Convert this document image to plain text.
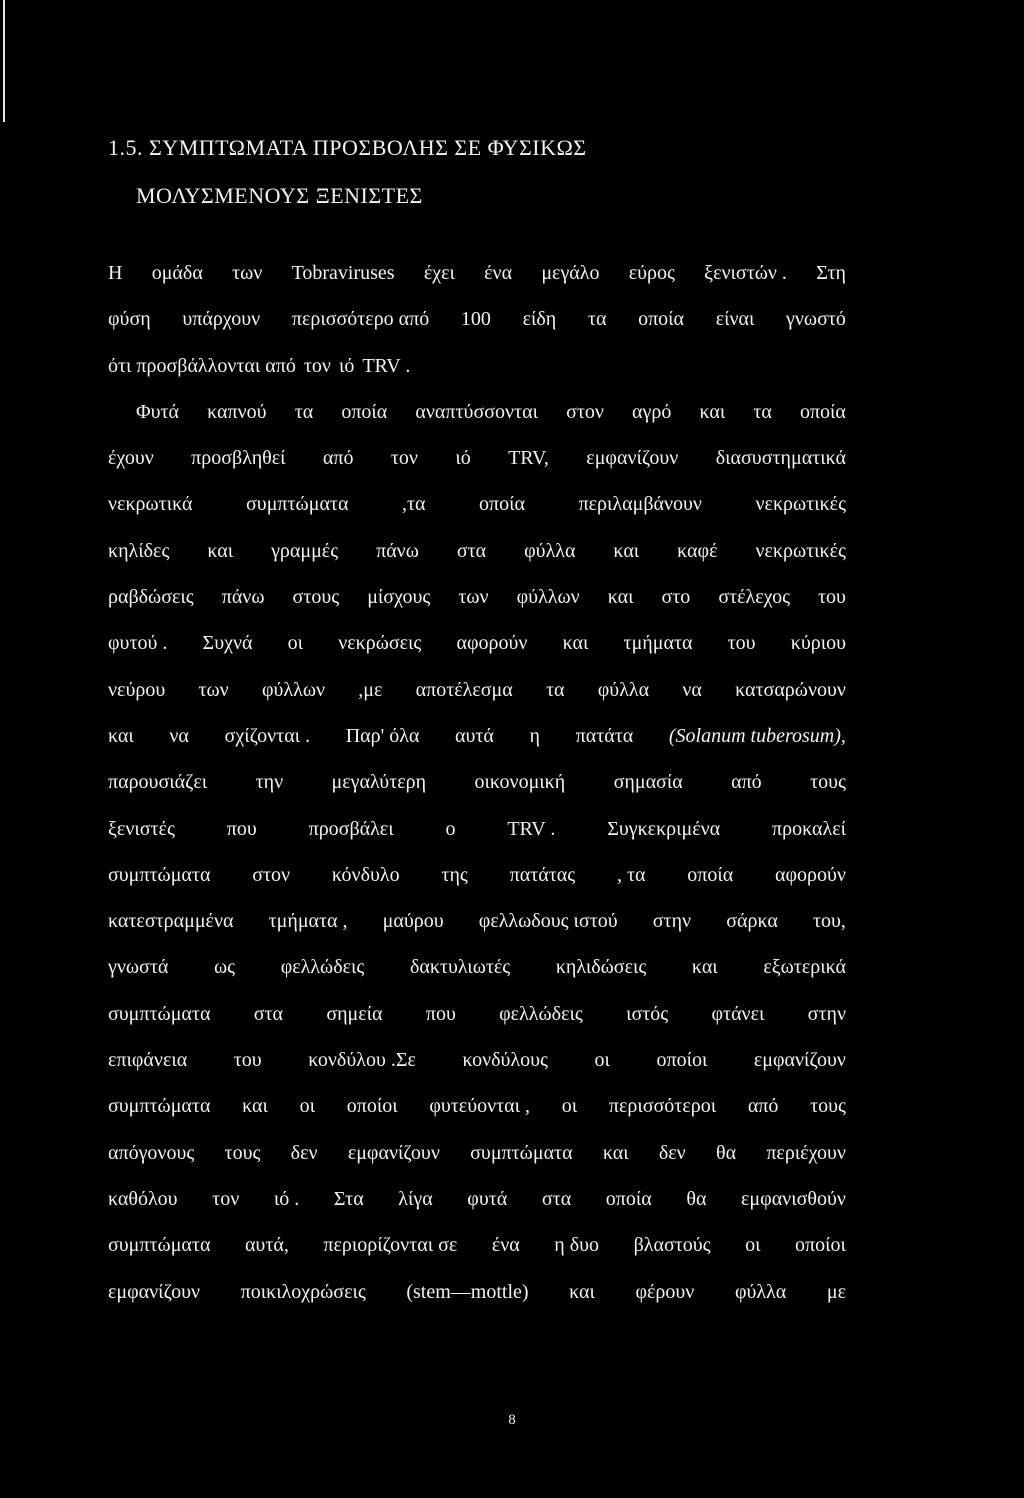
1.5. ΣΥΜΠΤΩΜΑΤΑ ΠΡΟΣΒΟΛΗΣ ΣΕ ΦΥΣΙΚΩΣ
ΜΟΛΥΣΜΕΝΟΥΣ ΞΕΝΙΣΤΕΣ
Η ομάδα των Tobraviruses έχει ένα μεγάλο εύρος ξενιστών . Στη
φύση υπάρχουν περισσότερο από 100 είδη τα οποία είναι γνωστό
ότι προσβάλλονται από τον ιό TRV .
Φυτά καπνού τα οποία αναπτύσσονται στον αγρό και τα οποία
έχουν προσβληθεί από τον ιό TRV, εμφανίζουν διασυστηματικά
νεκρωτικά	συμπτώματα	,τα	οποία	περιλαμβάνουν	νεκρωτικές
κηλίδες και γραμμές πάνω στα φύλλα και καφέ νεκρωτικές
ραβδώσεις πάνω στους μίσχους των φύλλων και στο στέλεχος του
φυτού . Συχνά οι νεκρώσεις αφορούν και τμήματα του κύριου
νεύρου των φύλλων ,με αποτέλεσμα τα φύλλα να κατσαρώνουν
και να σχίζονται . Παρ' όλα αυτά η πατάτα (Solanum tuberosum),
παρουσιάζει την μεγαλύτερη οικονομική σημασία από τους
ξενιστές	που	προσβάλει	ο	TRV .	Συγκεκριμένα	προκαλεί
συμπτώματα στον κόνδυλο της πατάτας , τα οποία αφορούν
κατεστραμμένα τμήματα , μαύρου φελλωδους ιστού στην σάρκα του,
γνωστά ως φελλώδεις δακτυλιωτές κηλιδώσεις και εξωτερικά
συμπτώματα στα σημεία που φελλώδεις ιστός φτάνει στην
επιφάνεια του κονδύλου .Σε κονδύλους οι οποίοι εμφανίζουν
συμπτώματα και οι οποίοι φυτεύονται , οι περισσότεροι από τους
απόγονους τους δεν εμφανίζουν συμπτώματα και δεν θα περιέχουν
καθόλου τον ιό . Στα λίγα φυτά στα οποία θα εμφανισθούν
συμπτώματα αυτά, περιορίζονται σε ένα η δυο βλαστούς οι οποίοι
εμφανίζουν ποικιλοχρώσεις (stem—mottle) και φέρουν φύλλα με
8
